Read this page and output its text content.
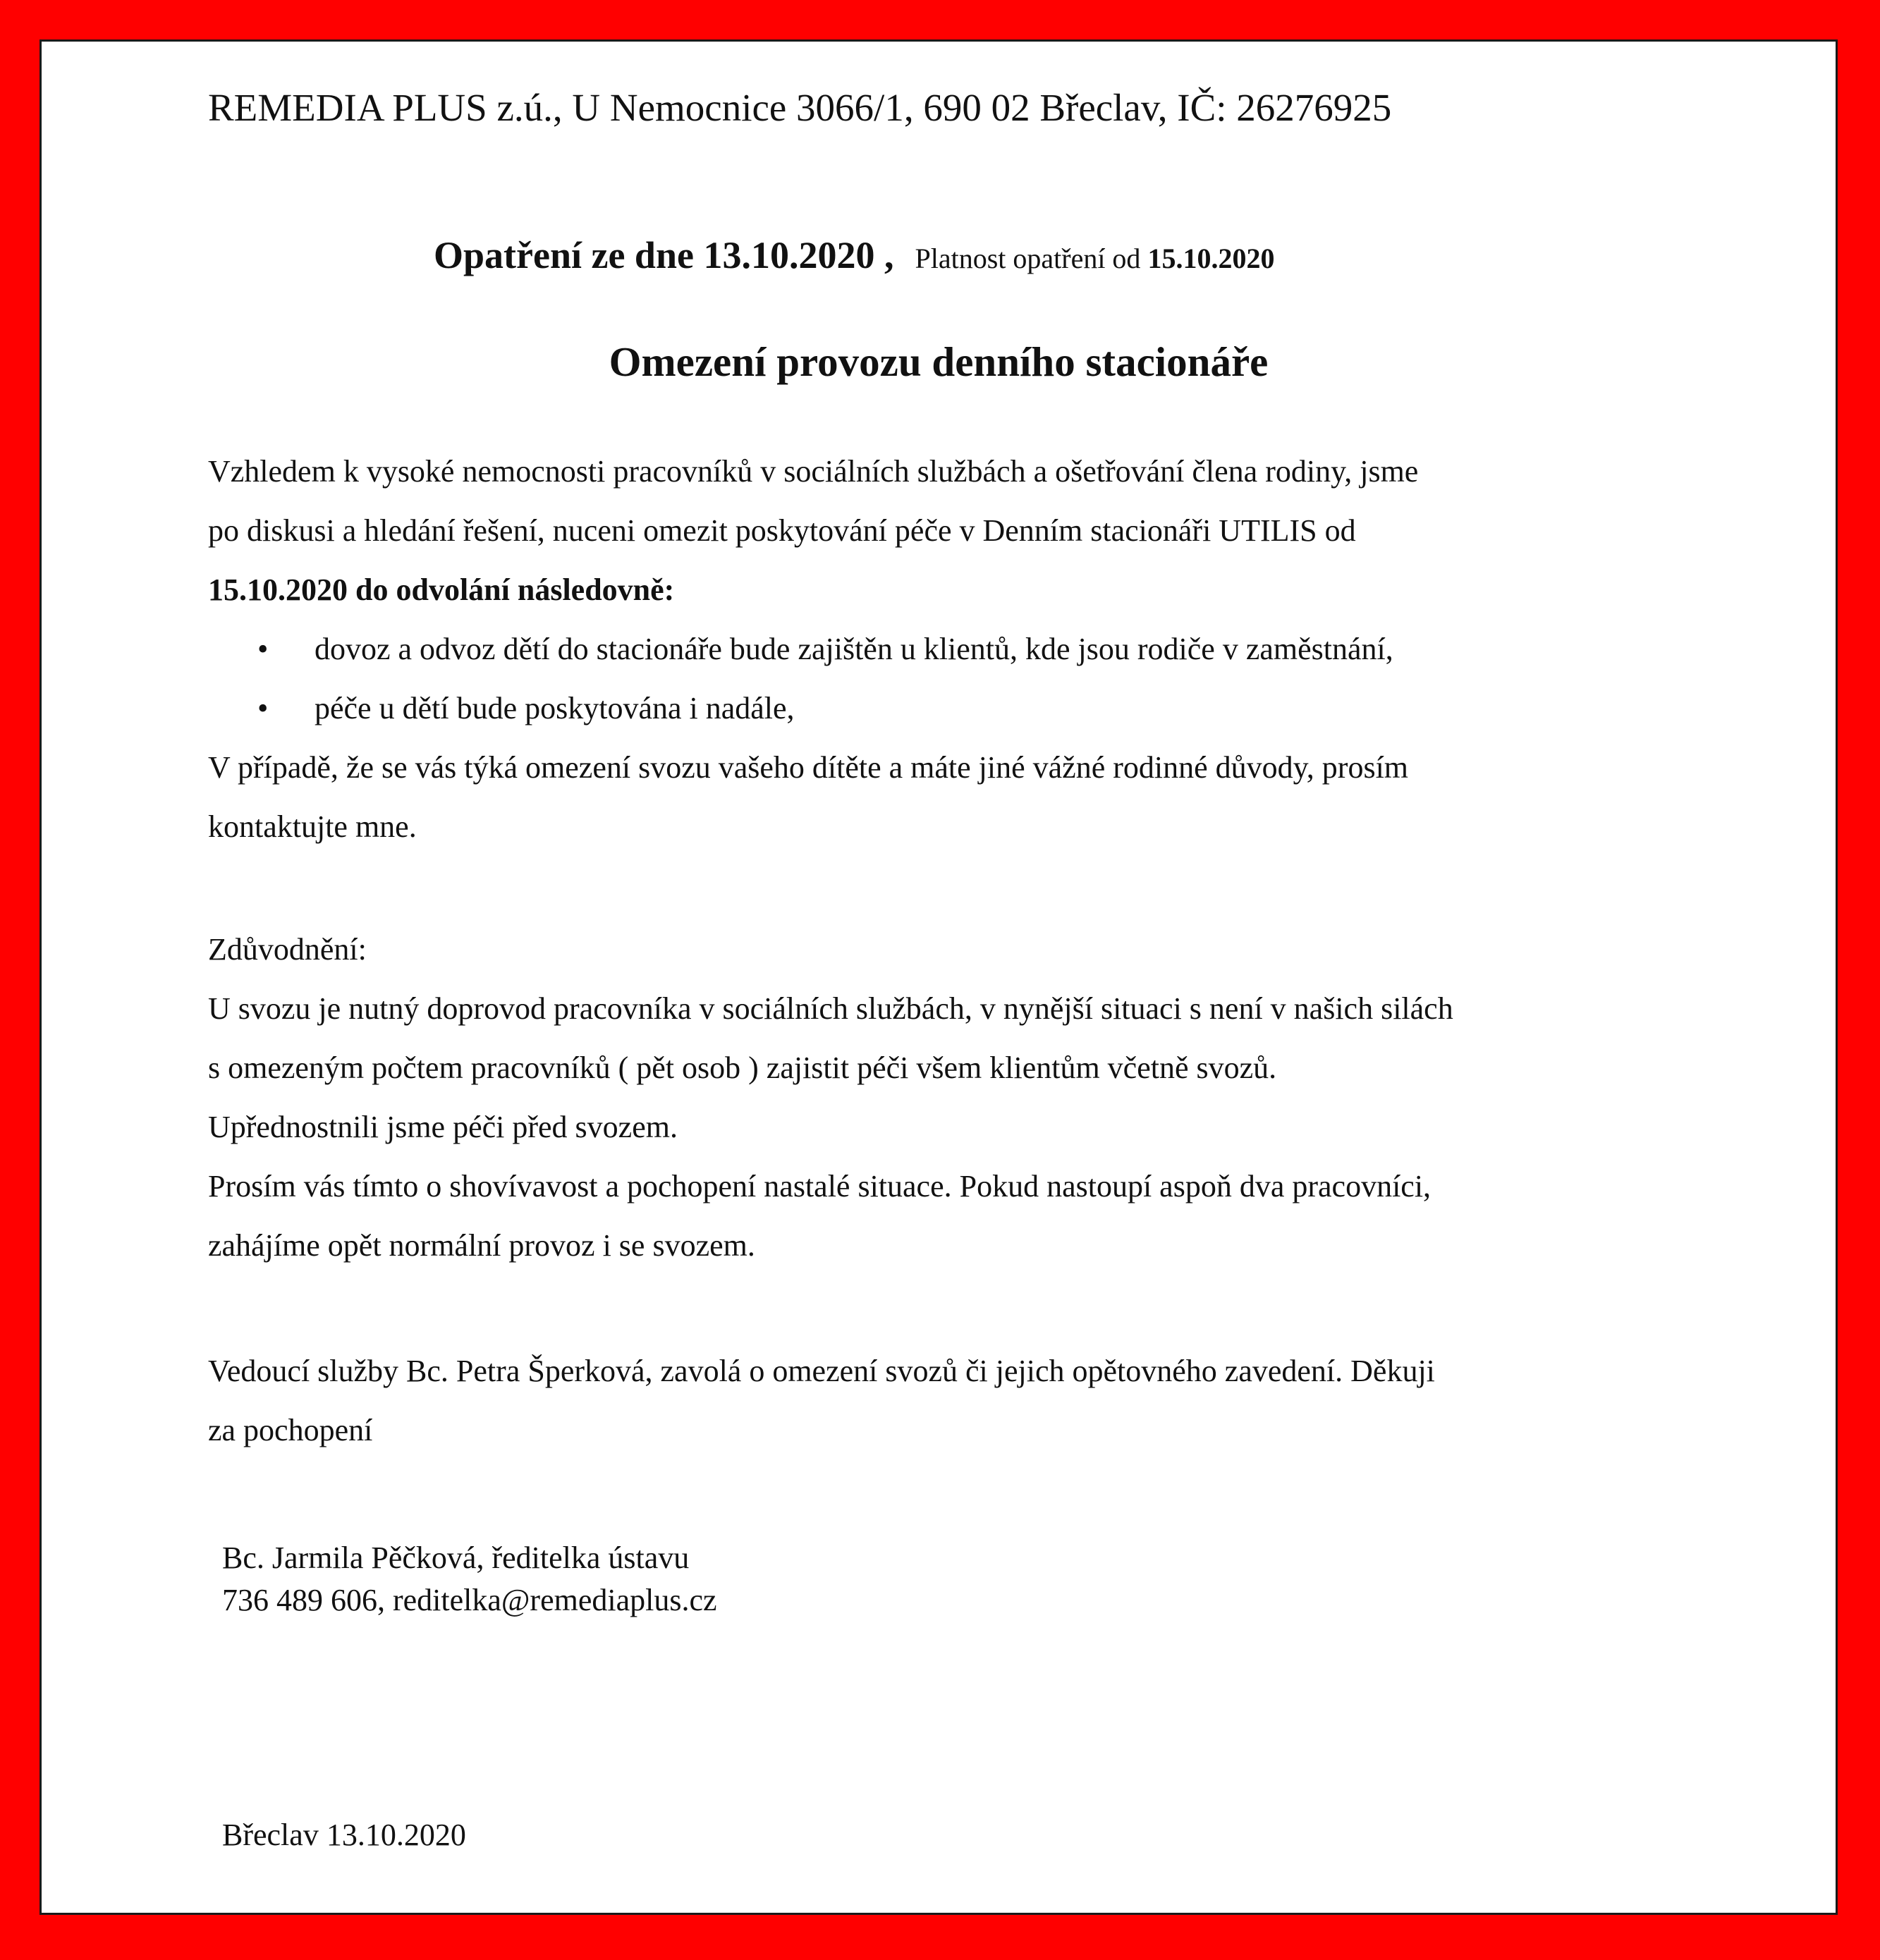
REMEDIA PLUS z.ú., U Nemocnice 3066/1, 690 02 Břeclav, IČ: 26276925
Opatření ze dne 13.10.2020 , Platnost opatření od 15.10.2020
Omezení provozu denního stacionáře
Vzhledem k vysoké nemocnosti pracovníků v sociálních službách a ošetřování člena rodiny, jsme
po diskusi a hledání řešení, nuceni omezit poskytování péče v Denním stacionáři UTILIS od
15.10.2020 do odvolání následovně:
• dovoz a odvoz dětí do stacionáře bude zajištěn u klientů, kde jsou rodiče v zaměstnání,
• péče u dětí bude poskytována i nadále,
V případě, že se vás týká omezení svozu vašeho dítěte a máte jiné vážné rodinné důvody, prosím
kontaktujte mne.
Zdůvodnění:
U svozu je nutný doprovod pracovníka v sociálních službách, v nynější situaci s není v našich silách
s omezeným počtem pracovníků ( pět osob ) zajistit péči všem klientům včetně svozů.
Upřednostnili jsme péči před svozem.
Prosím vás tímto o shovívavost a pochopení nastalé situace. Pokud nastoupí aspoň dva pracovníci,
zahájíme opět normální provoz i se svozem.
Vedoucí služby Bc. Petra Šperková, zavolá o omezení svozů či jejich opětovného zavedení. Děkuji
za pochopení
Bc. Jarmila Pěčková, ředitelka ústavu
736 489 606, reditelka@remediaplus.cz
Břeclav 13.10.2020
